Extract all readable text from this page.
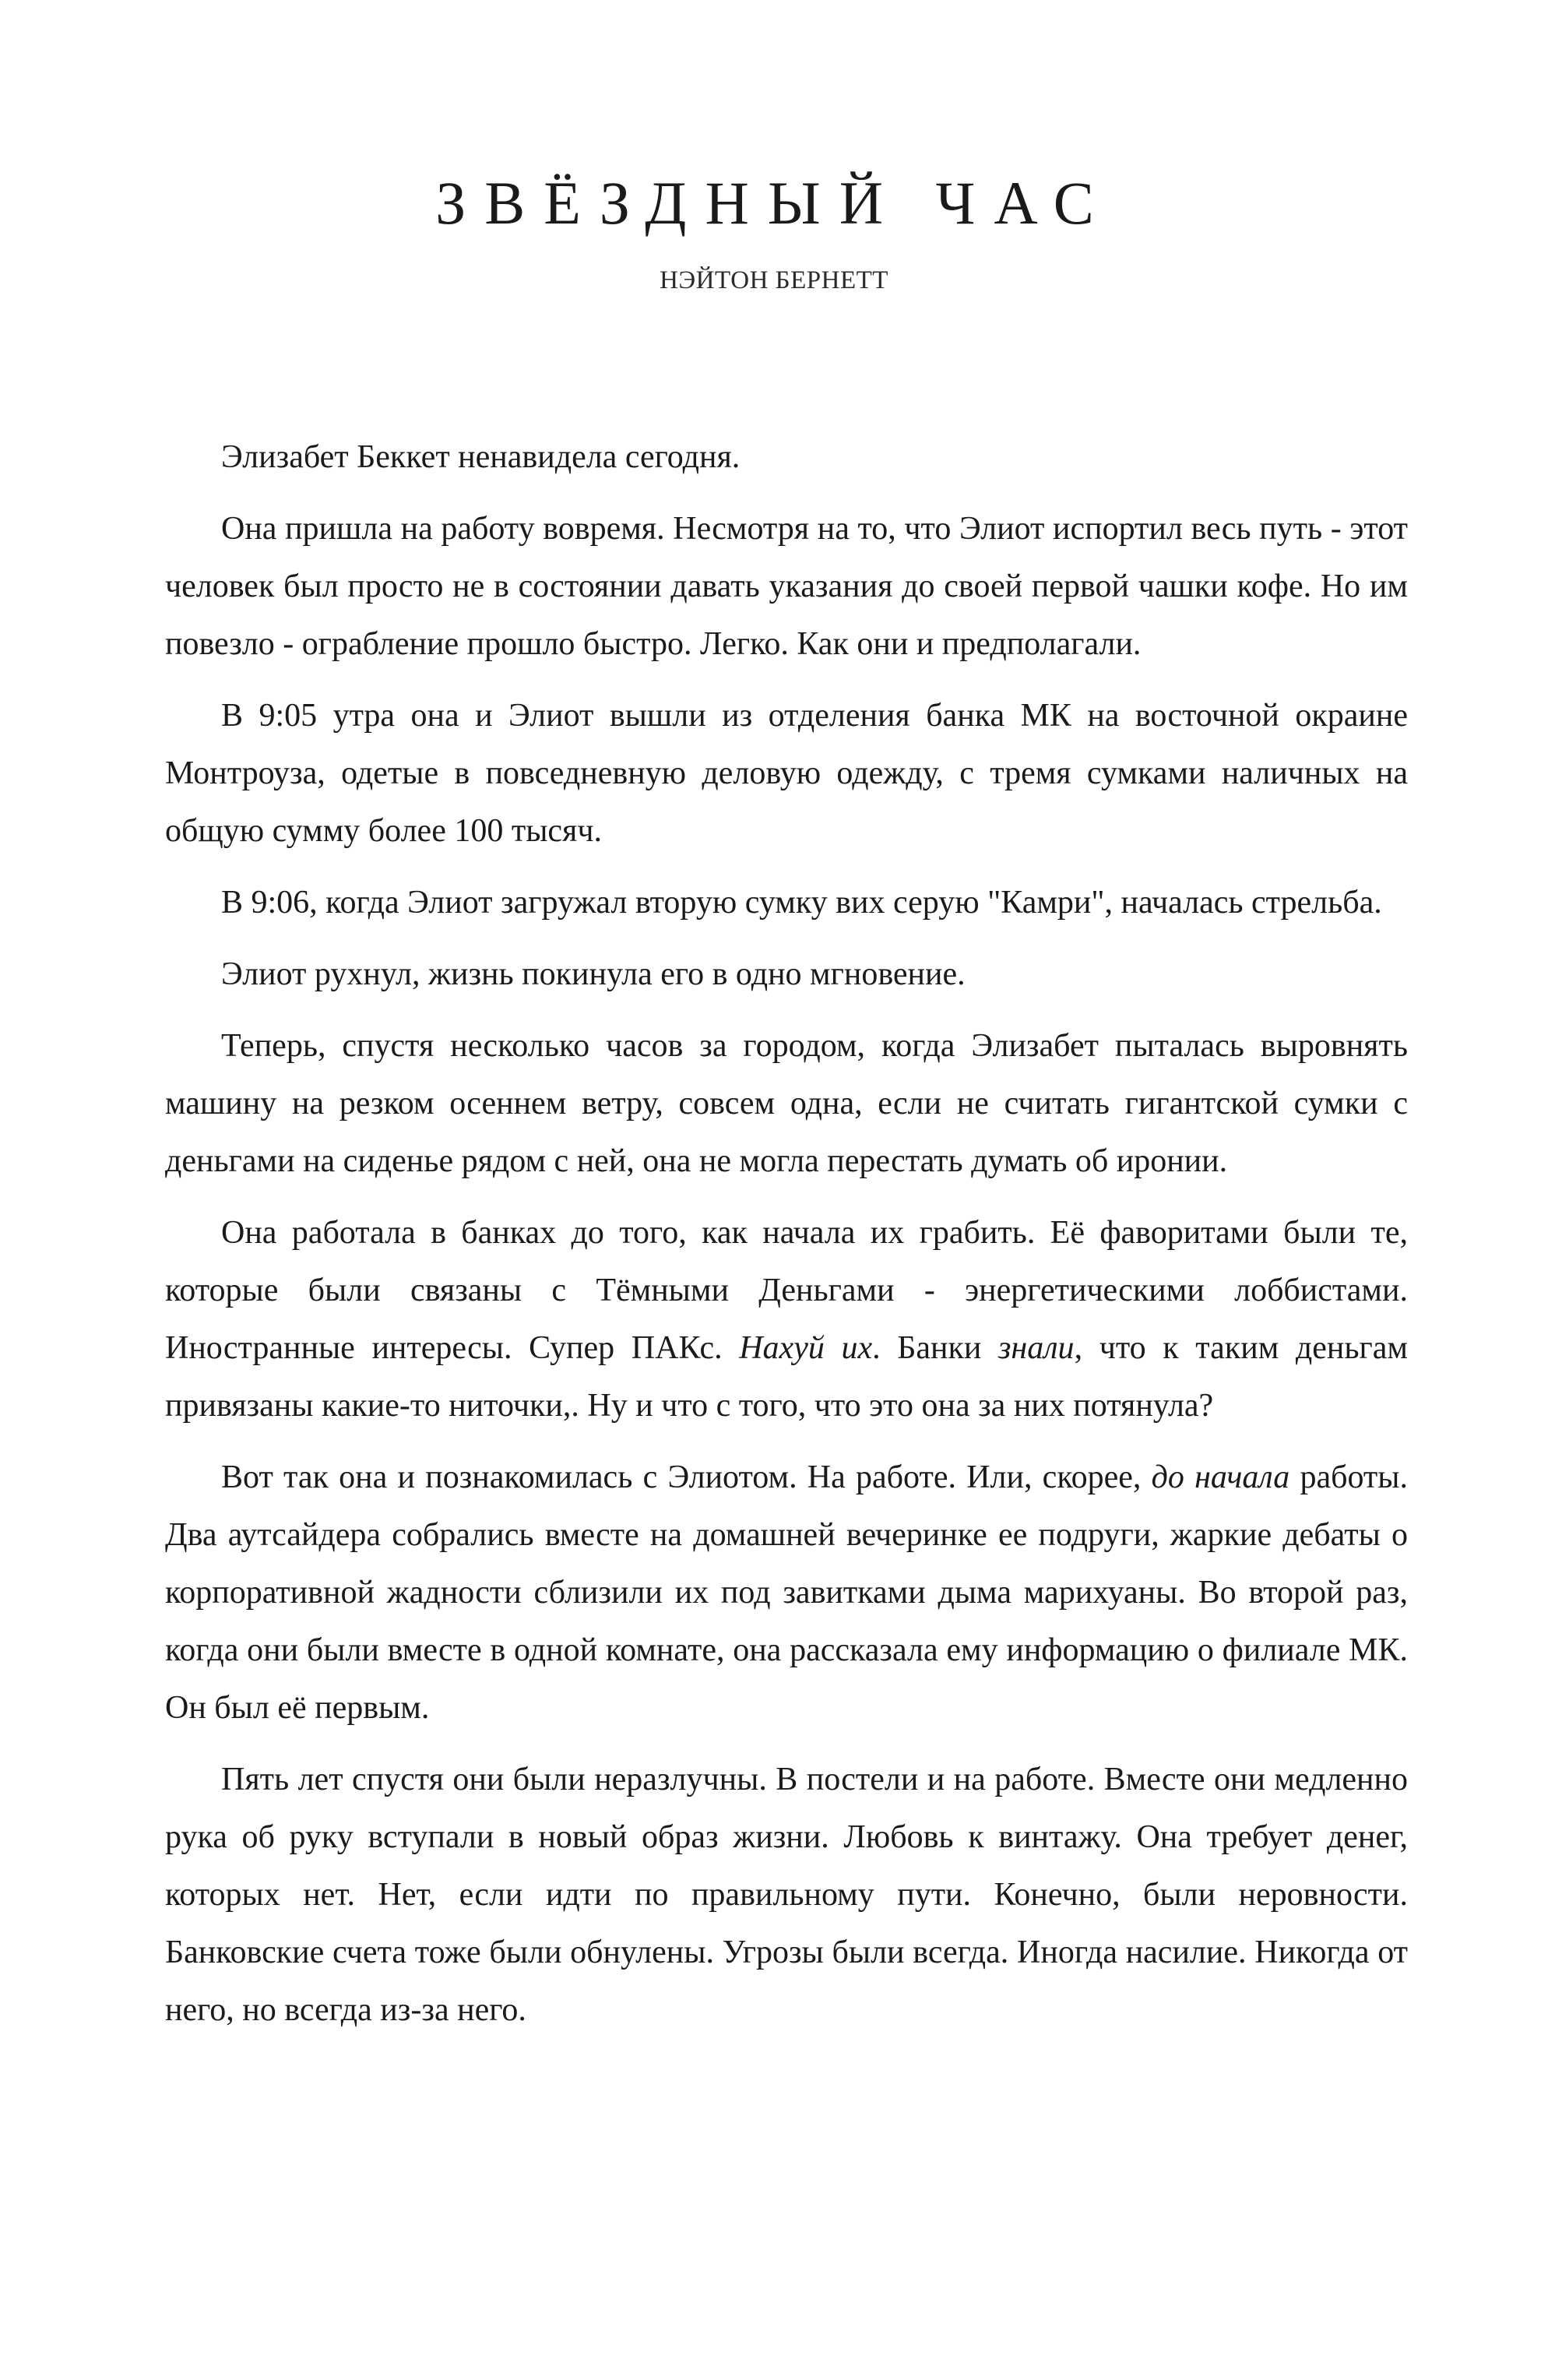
ЗВЁЗДНЫЙ ЧАС
НЭЙТОН БЕРНЕТТ

Элизабет Беккет ненавидела сегодня.

Она пришла на работу вовремя. Несмотря на то, что Элиот испортил весь путь - этот человек был просто не в состоянии давать указания до своей первой чашки кофе. Но им повезло - ограбление прошло быстро. Легко. Как они и предполагали.

В 9:05 утра она и Элиот вышли из отделения банка МК на восточной окраине Монтроуза, одетые в повседневную деловую одежду, с тремя сумками наличных на общую сумму более 100 тысяч.

В 9:06, когда Элиот загружал вторую сумку вих серую "Камри", началась стрельба.

Элиот рухнул, жизнь покинула его в одно мгновение.

Теперь, спустя несколько часов за городом, когда Элизабет пыталась выровнять машину на резком осеннем ветру, совсем одна, если не считать гигантской сумки с деньгами на сиденье рядом с ней, она не могла перестать думать об иронии.

Она работала в банках до того, как начала их грабить. Её фаворитами были те, которые были связаны с Тёмными Деньгами - энергетическими лоббистами. Иностранные интересы. Супер ПАКс. Нахуй их. Банки знали, что к таким деньгам привязаны какие-то ниточки,. Ну и что с того, что это она за них потянула?

Вот так она и познакомилась с Элиотом. На работе. Или, скорее, до начала работы. Два аутсайдера собрались вместе на домашней вечеринке ее подруги, жаркие дебаты о корпоративной жадности сблизили их под завитками дыма марихуаны. Во второй раз, когда они были вместе в одной комнате, она рассказала ему информацию о филиале МК. Он был её первым.

Пять лет спустя они были неразлучны. В постели и на работе. Вместе они медленно рука об руку вступали в новый образ жизни. Любовь к винтажу. Она требует денег, которых нет. Нет, если идти по правильному пути. Конечно, были неровности. Банковские счета тоже были обнулены. Угрозы были всегда. Иногда насилие. Никогда от него, но всегда из-за него.
